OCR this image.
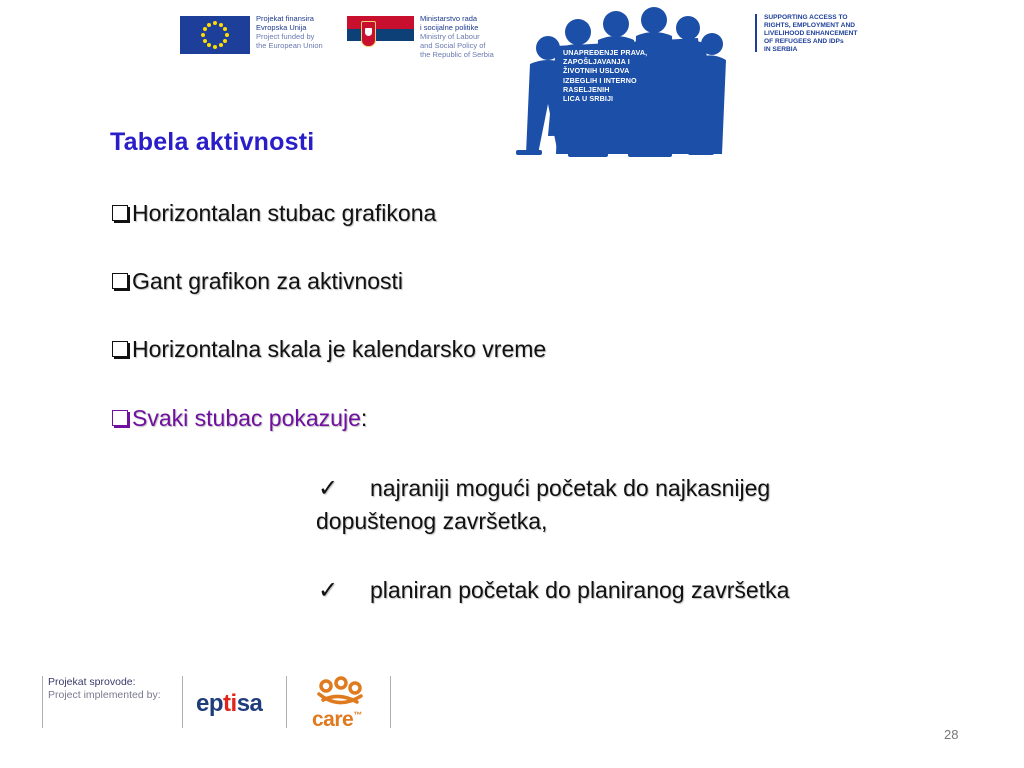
Projekat finansira
Evropska Unija
Project funded by
the European Union
Ministarstvo rada
i socijalne politike
Ministry of Labour
and Social Policy of
the Republic of Serbia	UNAPREĐENJE PRAVA,
ZAPOŠLJAVANJA I
ŽIVOTNIH USLOVA
IZBEGLIH I INTERNO
RASELJENIH
LICA U SRBIJI
SUPPORTING ACCESS TO
RIGHTS, EMPLOYMENT AND
LIVELIHOOD ENHANCEMENT
OF REFUGEES AND IDPs
IN SERBIA
Tabela aktivnosti
Horizontalan stubac grafikona
Gant grafikon za aktivnosti
Horizontalna skala je kalendarsko vreme
Svaki stubac pokazuje :
✓ najraniji mogući početak do najkasnijeg
dopuštenog završetka,
✓ planiran početak do planiranog završetka
Projekat sprovode:
Project implemented by: eptisa
care™
28
